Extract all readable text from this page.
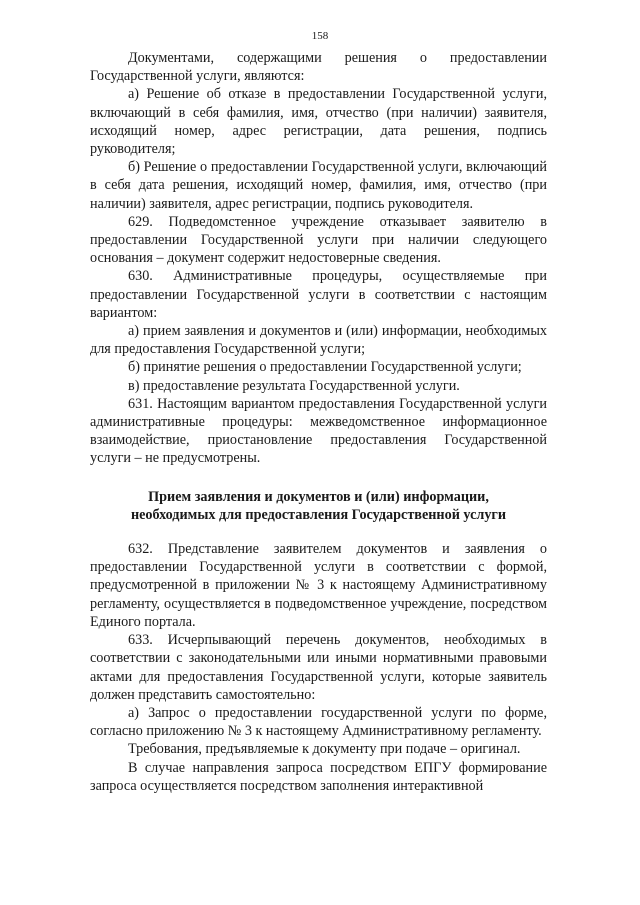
158

Документами, содержащими решения о предоставлении Государственной услуги, являются:

а) Решение об отказе в предоставлении Государственной услуги, включающий в себя фамилия, имя, отчество (при наличии) заявителя, исходящий номер, адрес регистрации, дата решения, подпись руководителя;

б) Решение о предоставлении Государственной услуги, включающий в себя дата решения, исходящий номер, фамилия, имя, отчество (при наличии) заявителя, адрес регистрации, подпись руководителя.

629. Подведомстенное учреждение отказывает заявителю в предоставлении Государственной услуги при наличии следующего основания – документ содержит недостоверные сведения.

630. Административные процедуры, осуществляемые при предоставлении Государственной услуги в соответствии с настоящим вариантом:

а) прием заявления и документов и (или) информации, необходимых для предоставления Государственной услуги;

б) принятие решения о предоставлении Государственной услуги;

в) предоставление результата Государственной услуги.

631. Настоящим вариантом предоставления Государственной услуги административные процедуры: межведомственное информационное взаимодействие, приостановление предоставления Государственной услуги – не предусмотрены.

Прием заявления и документов и (или) информации,
необходимых для предоставления Государственной услуги

632. Представление заявителем документов и заявления о предоставлении Государственной услуги в соответствии с формой, предусмотренной в приложении № 3 к настоящему Административному регламенту, осуществляется в подведомственное учреждение, посредством Единого портала.

633. Исчерпывающий перечень документов, необходимых в соответствии с законодательными или иными нормативными правовыми актами для предоставления Государственной услуги, которые заявитель должен представить самостоятельно:

а) Запрос о предоставлении государственной услуги по форме, согласно приложению № 3 к настоящему Административному регламенту.

Требования, предъявляемые к документу при подаче – оригинал.

В случае направления запроса посредством ЕПГУ формирование запроса осуществляется посредством заполнения интерактивной
